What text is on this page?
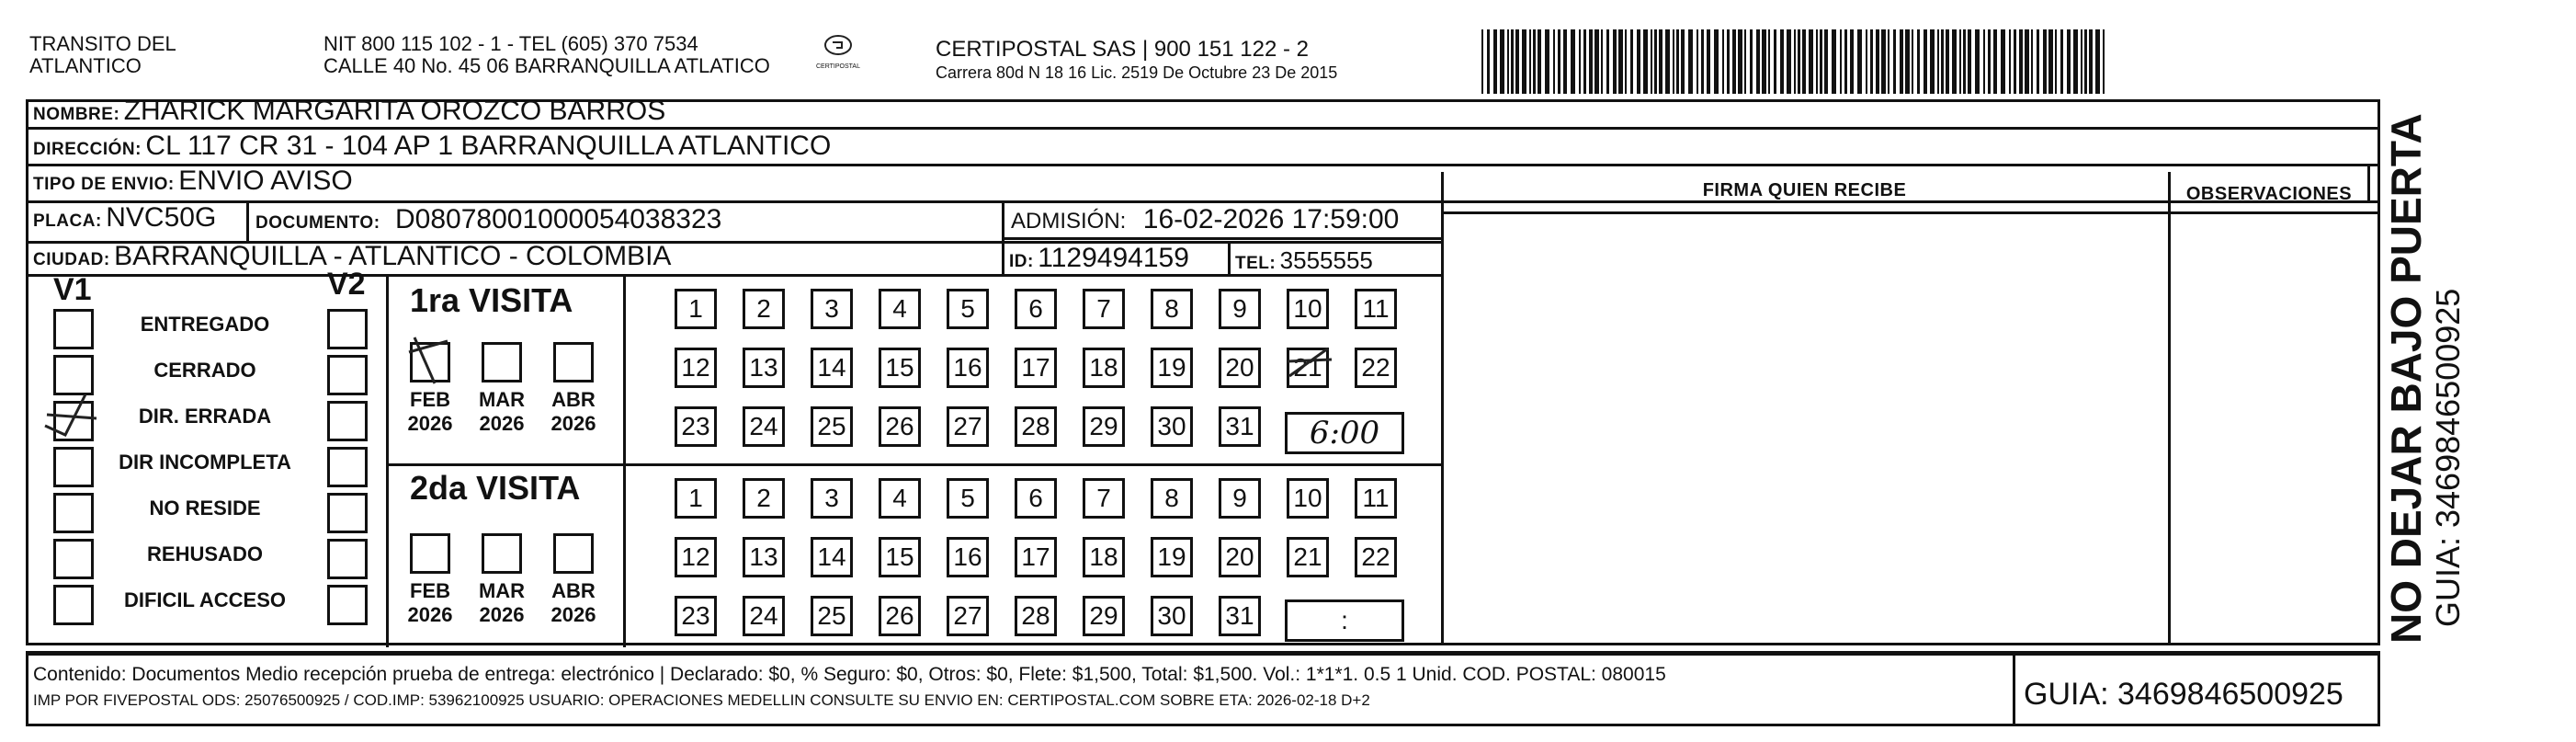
TRANSITO DEL
ATLANTICO
NIT 800 115 102 - 1 - TEL (605) 370 7534
CALLE 40 No. 45 06 BARRANQUILLA ATLATICO	CERTIPOSTAL
CERTIPOSTAL SAS | 900 151 122 - 2
Carrera 80d N 18 16 Lic. 2519 De Octubre 23 De 2015
NOMBRE: ZHARICK MARGARITA OROZCO BARROS
DIRECCIÓN: CL 117 CR 31 - 104 AP 1 BARRANQUILLA ATLANTICO
TIPO DE ENVIO: ENVIO AVISO
PLACA: NVC50G DOCUMENTO: D08078001000054038323	ADMISIÓN: 16-02-2026 17:59:00
CIUDAD: BARRANQUILLA - ATLANTICO - COLOMBIA	ID: 1129494159	TEL: 3555555
FIRMA QUIEN RECIBE	OBSERVACIONES
V1	V2
ENTREGADO
CERRADO
DIR. ERRADA
DIR INCOMPLETA
NO RESIDE
REHUSADO
DIFICIL ACCESO
1ra VISITA
2da VISITA
FEB
2026
MAR
2026
ABR
2026
FEB
2026
MAR
2026
ABR
2026
1	2	3	4	5	6	7	8	9	10	11
12 13 14 15 16 17 18 19 20 21 22
23 24 25 26 27 28 29 30 31
1	2	3	4	5	6	7	8	9	10	11
12 13 14 15 16 17 18 19 20 21 22
23 24 25 26 27 28 29 30 31
6:00
:
Contenido: Documentos Medio recepción prueba de entrega: electrónico | Declarado: $0, % Seguro: $0, Otros: $0, Flete: $1,500, Total: $1,500. Vol.: 1*1*1. 0.5 1 Unid. COD. POSTAL: 080015
IMP POR FIVEPOSTAL ODS: 25076500925 / COD.IMP: 53962100925 USUARIO: OPERACIONES MEDELLIN CONSULTE SU ENVIO EN: CERTIPOSTAL.COM SOBRE ETA: 2026-02-18 D+2	GUIA: 3469846500925
NO DEJAR BAJO PUERTA GUIA: 3469846500925
